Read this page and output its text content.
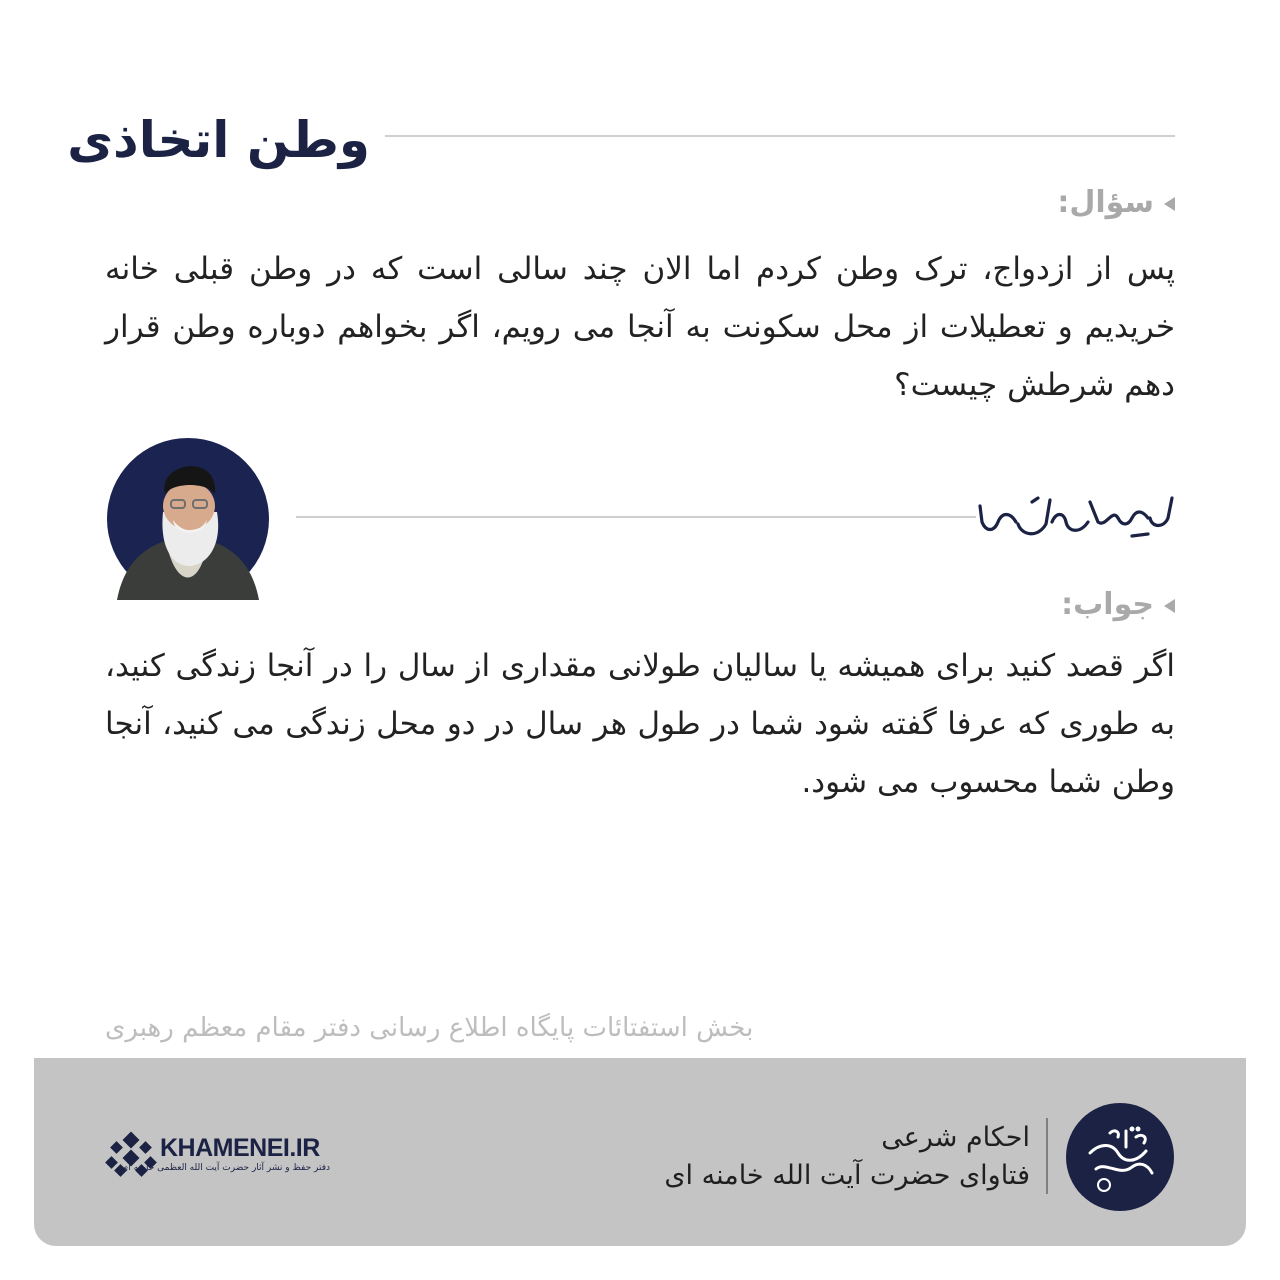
وطن اتخاذی
سؤال:
پس از ازدواج، ترک وطن کردم اما الان چند سالی است که در وطن قبلی خانه خریدیم و تعطیلات از محل سکونت به آنجا می رویم، اگر بخواهم دوباره وطن قرار دهم شرطش چیست؟
جواب:
اگر قصد کنید برای همیشه یا سالیان طولانی مقداری از سال را در آنجا زندگی کنید، به طوری که عرفا گفته شود شما در طول هر سال در دو محل زندگی می کنید، آنجا وطن شما محسوب می شود.
بخش استفتائات پایگاه اطلاع رسانی دفتر مقام معظم رهبری
احکام شرعی
فتاوای حضرت آیت الله خامنه ای
KHAMENEI.IR
دفتر حفظ و نشر آثار حضرت آیت الله العظمی خامنه ای
